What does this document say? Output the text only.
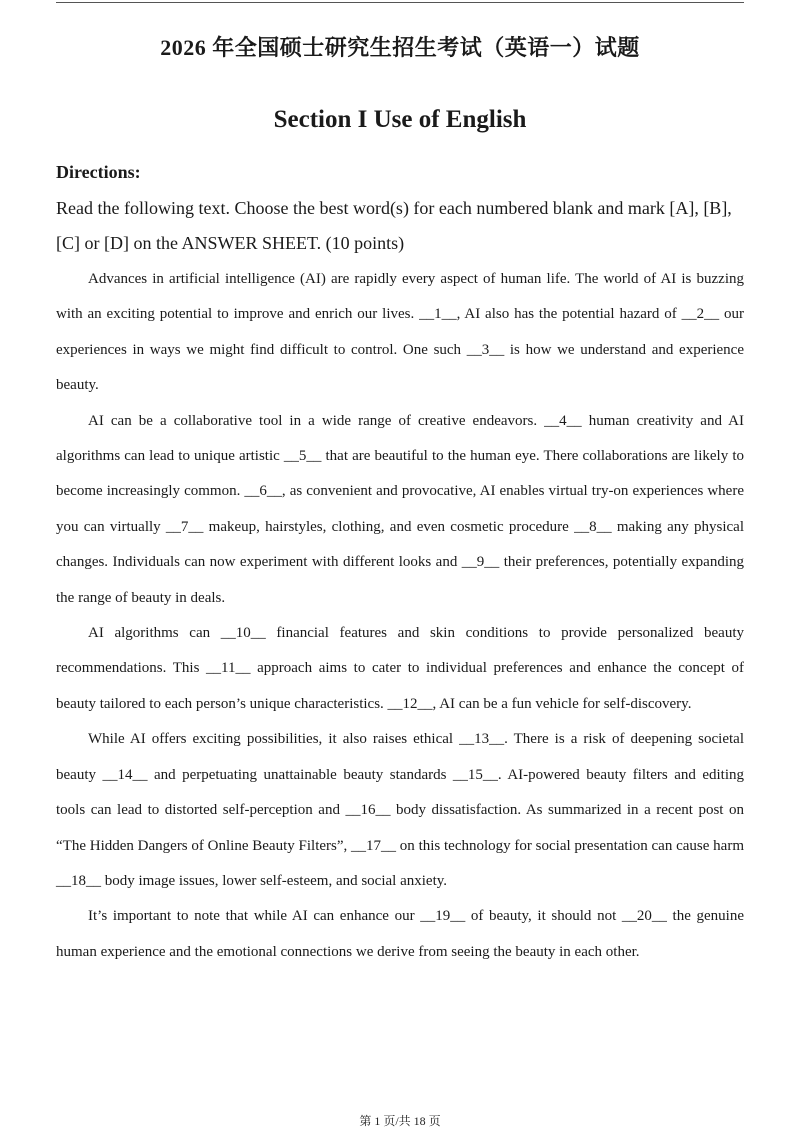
2026 年全国硕士研究生招生考试（英语一）试题
Section I Use of English
Directions:

Read the following text. Choose the best word(s) for each numbered blank and mark [A], [B], [C] or [D] on the ANSWER SHEET. (10 points)

Advances in artificial intelligence (AI) are rapidly every aspect of human life. The world of AI is buzzing with an exciting potential to improve and enrich our lives. __1__, AI also has the potential hazard of __2__ our experiences in ways we might find difficult to control. One such __3__ is how we understand and experience beauty.

AI can be a collaborative tool in a wide range of creative endeavors. __4__ human creativity and AI algorithms can lead to unique artistic __5__ that are beautiful to the human eye. There collaborations are likely to become increasingly common. __6__, as convenient and provocative, AI enables virtual try-on experiences where you can virtually __7__ makeup, hairstyles, clothing, and even cosmetic procedure __8__ making any physical changes. Individuals can now experiment with different looks and __9__ their preferences, potentially expanding the range of beauty in deals.

AI algorithms can __10__ financial features and skin conditions to provide personalized beauty recommendations. This __11__ approach aims to cater to individual preferences and enhance the concept of beauty tailored to each person’s unique characteristics. __12__, AI can be a fun vehicle for self-discovery.

While AI offers exciting possibilities, it also raises ethical __13__. There is a risk of deepening societal beauty __14__ and perpetuating unattainable beauty standards __15__. AI-powered beauty filters and editing tools can lead to distorted self-perception and __16__ body dissatisfaction. As summarized in a recent post on “The Hidden Dangers of Online Beauty Filters”, __17__ on this technology for social presentation can cause harm __18__ body image issues, lower self-esteem, and social anxiety.

It’s important to note that while AI can enhance our __19__ of beauty, it should not __20__ the genuine human experience and the emotional connections we derive from seeing the beauty in each other.

第 1 页/共 18 页
